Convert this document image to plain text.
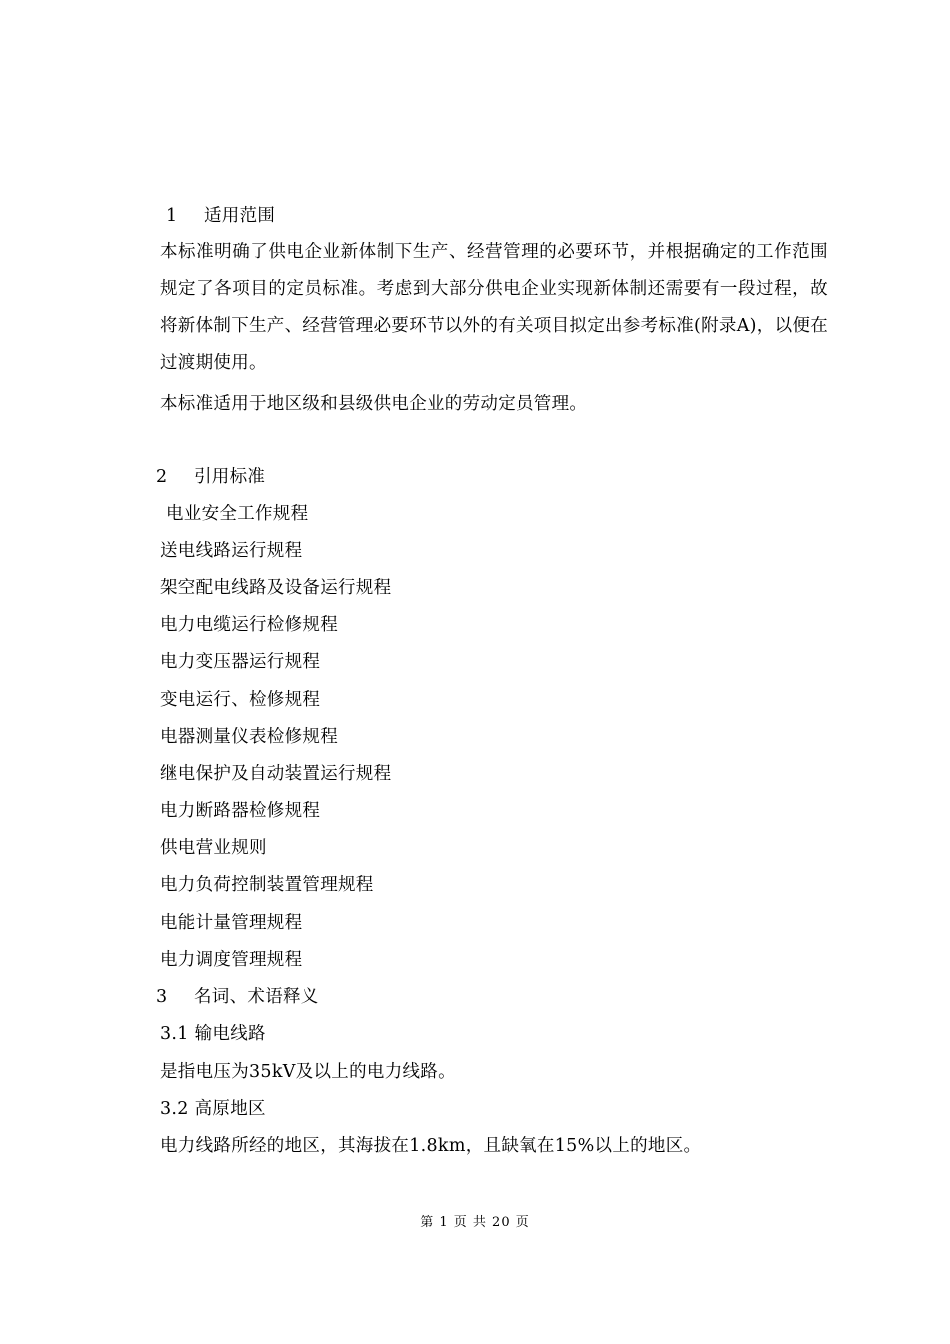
1 适用范围
本标准明确了供电企业新体制下生产、经营管理的必要环节，并根据确定的工作范围规定了各项目的定员标准。考虑到大部分供电企业实现新体制还需要有一段过程，故将新体制下生产、经营管理必要环节以外的有关项目拟定出参考标准(附录A)，以便在过渡期使用。
本标准适用于地区级和县级供电企业的劳动定员管理。
2 引用标准
电业安全工作规程
送电线路运行规程
架空配电线路及设备运行规程
电力电缆运行检修规程
电力变压器运行规程
变电运行、检修规程
电器测量仪表检修规程
继电保护及自动装置运行规程
电力断路器检修规程
供电营业规则
电力负荷控制装置管理规程
电能计量管理规程
电力调度管理规程
3 名词、术语释义
3.1 输电线路
是指电压为35kV及以上的电力线路。
3.2 高原地区
电力线路所经的地区，其海拔在1.8km，且缺氧在15%以上的地区。
第 1 页 共 20 页
